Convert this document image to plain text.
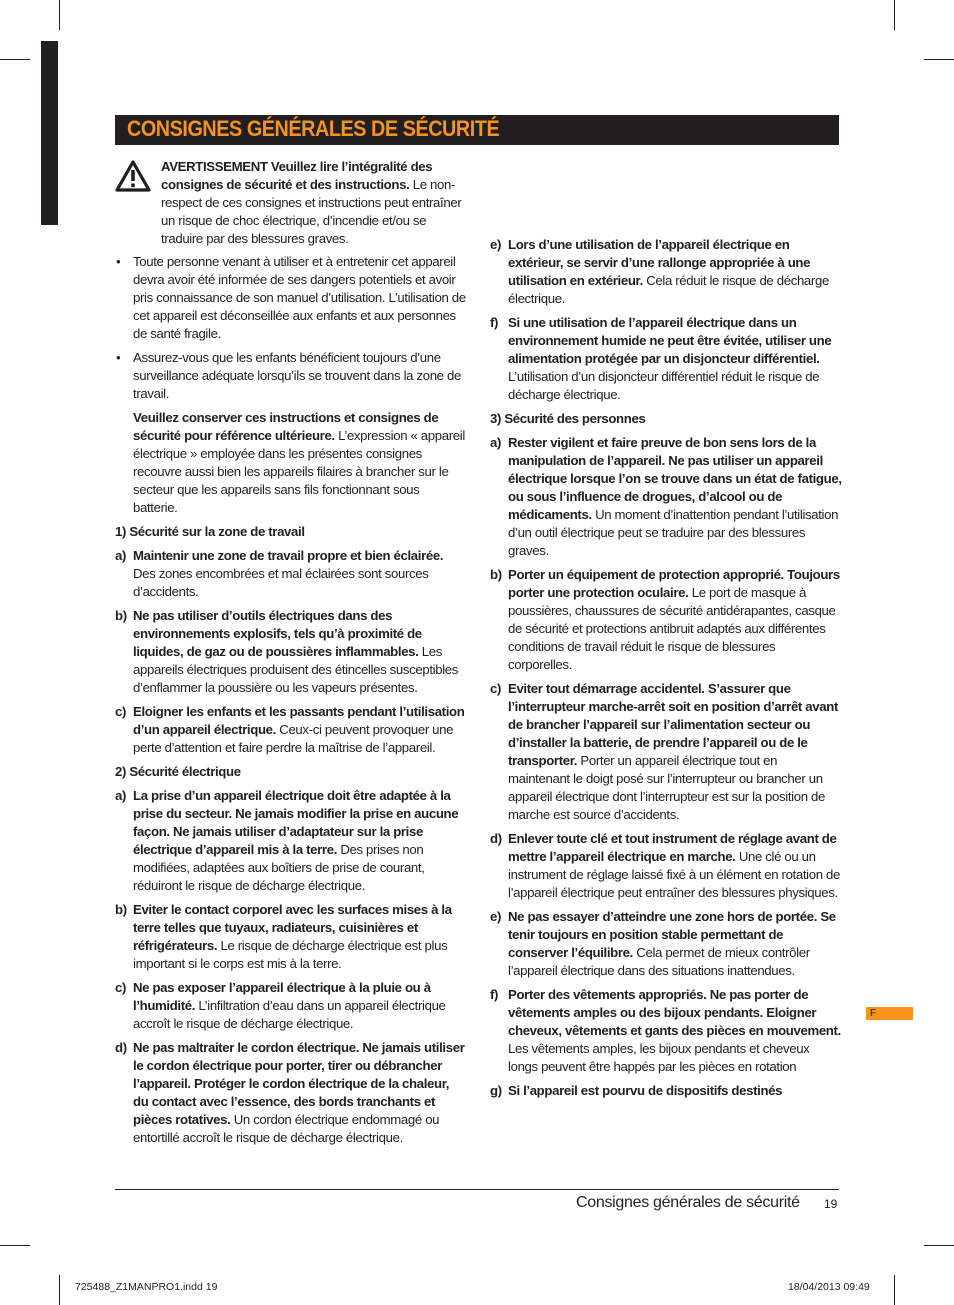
CONSIGNES GÉNÉRALES DE SÉCURITÉ
AVERTISSEMENT Veuillez lire l’intégralité des consignes de sécurité et des instructions. Le non-respect de ces consignes et instructions peut entraîner un risque de choc électrique, d’incendie et/ou se traduire par des blessures graves.
• Toute personne venant à utiliser et à entretenir cet appareil devra avoir été informée de ses dangers potentiels et avoir pris connaissance de son manuel d’utilisation. L’utilisation de cet appareil est déconseillée aux enfants et aux personnes de santé fragile.
• Assurez-vous que les enfants bénéficient toujours d’une surveillance adéquate lorsqu’ils se trouvent dans la zone de travail.
Veuillez conserver ces instructions et consignes de sécurité pour référence ultérieure. L’expression « appareil électrique » employée dans les présentes consignes recouvre aussi bien les appareils filaires à brancher sur le secteur que les appareils sans fils fonctionnant sous batterie.
1) Sécurité sur la zone de travail
a) Maintenir une zone de travail propre et bien éclairée. Des zones encombrées et mal éclairées sont sources d’accidents.
b) Ne pas utiliser d’outils électriques dans des environnements explosifs, tels qu’à proximité de liquides, de gaz ou de poussières inflammables. Les appareils électriques produisent des étincelles susceptibles d’enflammer la poussière ou les vapeurs présentes.
c) Eloigner les enfants et les passants pendant l’utilisation d’un appareil électrique. Ceux-ci peuvent provoquer une perte d’attention et faire perdre la maîtrise de l’appareil.
2) Sécurité électrique
a) La prise d’un appareil électrique doit être adaptée à la prise du secteur. Ne jamais modifier la prise en aucune façon. Ne jamais utiliser d’adaptateur sur la prise électrique d’appareil mis à la terre. Des prises non modifiées, adaptées aux boîtiers de prise de courant, réduiront le risque de décharge électrique.
b) Eviter le contact corporel avec les surfaces mises à la terre telles que tuyaux, radiateurs, cuisinières et réfrigérateurs. Le risque de décharge électrique est plus important si le corps est mis à la terre.
c) Ne pas exposer l’appareil électrique à la pluie ou à l’humidité. L’infiltration d’eau dans un appareil électrique accroît le risque de décharge électrique.
d) Ne pas maltraiter le cordon électrique. Ne jamais utiliser le cordon électrique pour porter, tirer ou débrancher l’appareil. Protéger le cordon électrique de la chaleur, du contact avec l’essence, des bords tranchants et pièces rotatives. Un cordon électrique endommagé ou entortillé accroît le risque de décharge électrique.
e) Lors d’une utilisation de l’appareil électrique en extérieur, se servir d’une rallonge appropriée à une utilisation en extérieur. Cela réduit le risque de décharge électrique.
f) Si une utilisation de l’appareil électrique dans un environnement humide ne peut être évitée, utiliser une alimentation protégée par un disjoncteur différentiel. L’utilisation d’un disjoncteur différentiel réduit le risque de décharge électrique.
3) Sécurité des personnes
a) Rester vigilent et faire preuve de bon sens lors de la manipulation de l’appareil. Ne pas utiliser un appareil électrique lorsque l’on se trouve dans un état de fatigue, ou sous l’influence de drogues, d’alcool ou de médicaments. Un moment d’inattention pendant l’utilisation d’un outil électrique peut se traduire par des blessures graves.
b) Porter un équipement de protection approprié. Toujours porter une protection oculaire. Le port de masque à poussières, chaussures de sécurité antidérapantes, casque de sécurité et protections antibruit adaptés aux différentes conditions de travail réduit le risque de blessures corporelles.
c) Eviter tout démarrage accidentel. S’assurer que l’interrupteur marche-arrêt soit en position d’arrêt avant de brancher l’appareil sur l’alimentation secteur ou d’installer la batterie, de prendre l’appareil ou de le transporter. Porter un appareil électrique tout en maintenant le doigt posé sur l’interrupteur ou brancher un appareil électrique dont l’interrupteur est sur la position de marche est source d’accidents.
d) Enlever toute clé et tout instrument de réglage avant de mettre l’appareil électrique en marche. Une clé ou un instrument de réglage laissé fixé à un élément en rotation de l’appareil électrique peut entraîner des blessures physiques.
e) Ne pas essayer d’atteindre une zone hors de portée. Se tenir toujours en position stable permettant de conserver l’équilibre. Cela permet de mieux contrôler l’appareil électrique dans des situations inattendues.
f) Porter des vêtements appropriés. Ne pas porter de vêtements amples ou des bijoux pendants. Eloigner cheveux, vêtements et gants des pièces en mouvement. Les vêtements amples, les bijoux pendants et cheveux longs peuvent être happés par les pièces en rotation
g) Si l’appareil est pourvu de dispositifs destinés
F
Consignes générales de sécurité 19
725488_Z1MANPRO1.indd 19	18/04/2013 09:49
